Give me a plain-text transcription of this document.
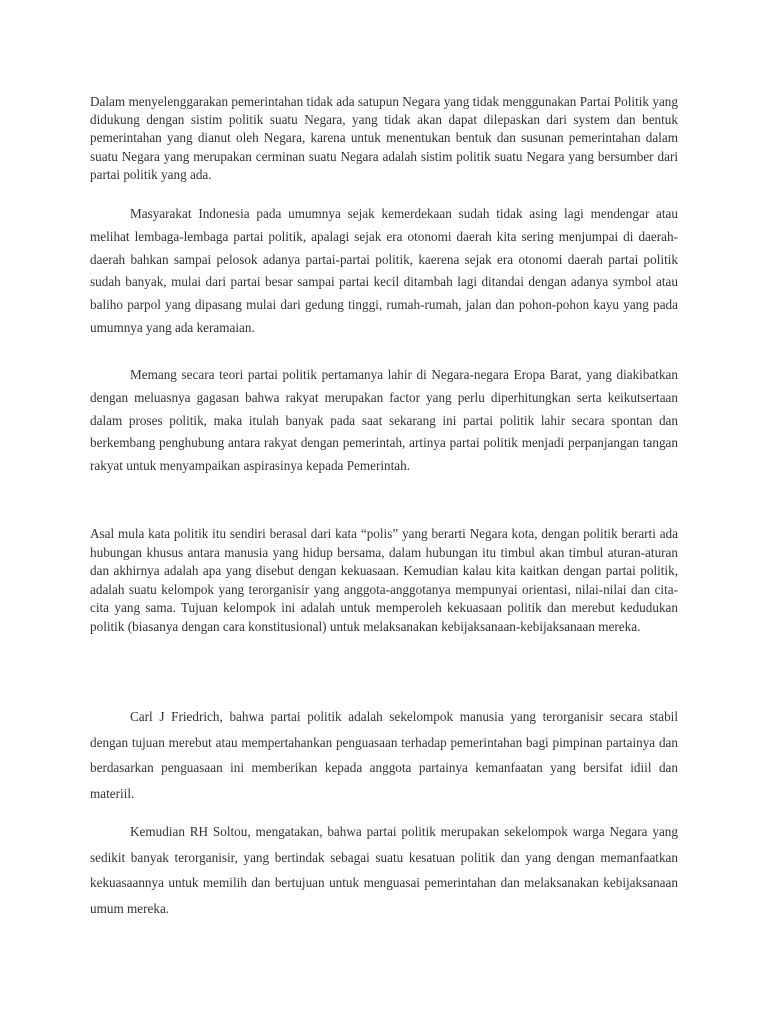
Dalam menyelenggarakan pemerintahan tidak ada satupun Negara yang tidak menggunakan Partai Politik yang didukung dengan sistim politik suatu Negara, yang tidak akan dapat dilepaskan dari system dan bentuk pemerintahan yang dianut oleh Negara, karena untuk menentukan bentuk dan susunan pemerintahan dalam suatu Negara yang merupakan cerminan suatu Negara adalah sistim politik suatu Negara yang bersumber dari partai politik yang ada.

Masyarakat Indonesia pada umumnya sejak kemerdekaan sudah tidak asing lagi mendengar atau melihat lembaga-lembaga partai politik, apalagi sejak era otonomi daerah kita sering menjumpai di daerah-daerah bahkan sampai pelosok adanya partai-partai politik, kaerena sejak era otonomi daerah partai politik sudah banyak, mulai dari partai besar sampai partai kecil ditambah lagi ditandai dengan adanya symbol atau baliho parpol yang dipasang mulai dari gedung tinggi, rumah-rumah, jalan dan pohon-pohon kayu yang pada umumnya yang ada keramaian.

Memang secara teori partai politik pertamanya lahir di Negara-negara Eropa Barat, yang diakibatkan dengan meluasnya gagasan bahwa rakyat merupakan factor yang perlu diperhitungkan serta keikutsertaan dalam proses politik, maka itulah banyak pada saat sekarang ini partai politik lahir secara spontan dan berkembang penghubung antara rakyat dengan pemerintah, artinya partai politik menjadi perpanjangan tangan rakyat untuk menyampaikan aspirasinya kepada Pemerintah.

Asal mula kata politik itu sendiri berasal dari kata “polis” yang berarti Negara kota, dengan politik berarti ada hubungan khusus antara manusia yang hidup bersama, dalam hubungan itu timbul akan timbul aturan-aturan dan akhirnya adalah apa yang disebut dengan kekuasaan. Kemudian kalau kita kaitkan dengan partai politik, adalah suatu kelompok yang terorganisir yang anggota-anggotanya mempunyai orientasi, nilai-nilai dan cita-cita yang sama. Tujuan kelompok ini adalah untuk memperoleh kekuasaan politik dan merebut kedudukan politik (biasanya dengan cara konstitusional) untuk melaksanakan kebijaksanaan-kebijaksanaan mereka.

Carl J Friedrich, bahwa partai politik adalah sekelompok manusia yang terorganisir secara stabil dengan tujuan merebut atau mempertahankan penguasaan terhadap pemerintahan bagi pimpinan partainya dan berdasarkan penguasaan ini memberikan kepada anggota partainya kemanfaatan yang bersifat idiil dan materiil.

Kemudian RH Soltou, mengatakan, bahwa partai politik merupakan sekelompok warga Negara yang sedikit banyak terorganisir, yang bertindak sebagai suatu kesatuan politik dan yang dengan memanfaatkan kekuasaannya untuk memilih dan bertujuan untuk menguasai pemerintahan dan melaksanakan kebijaksanaan umum mereka.
